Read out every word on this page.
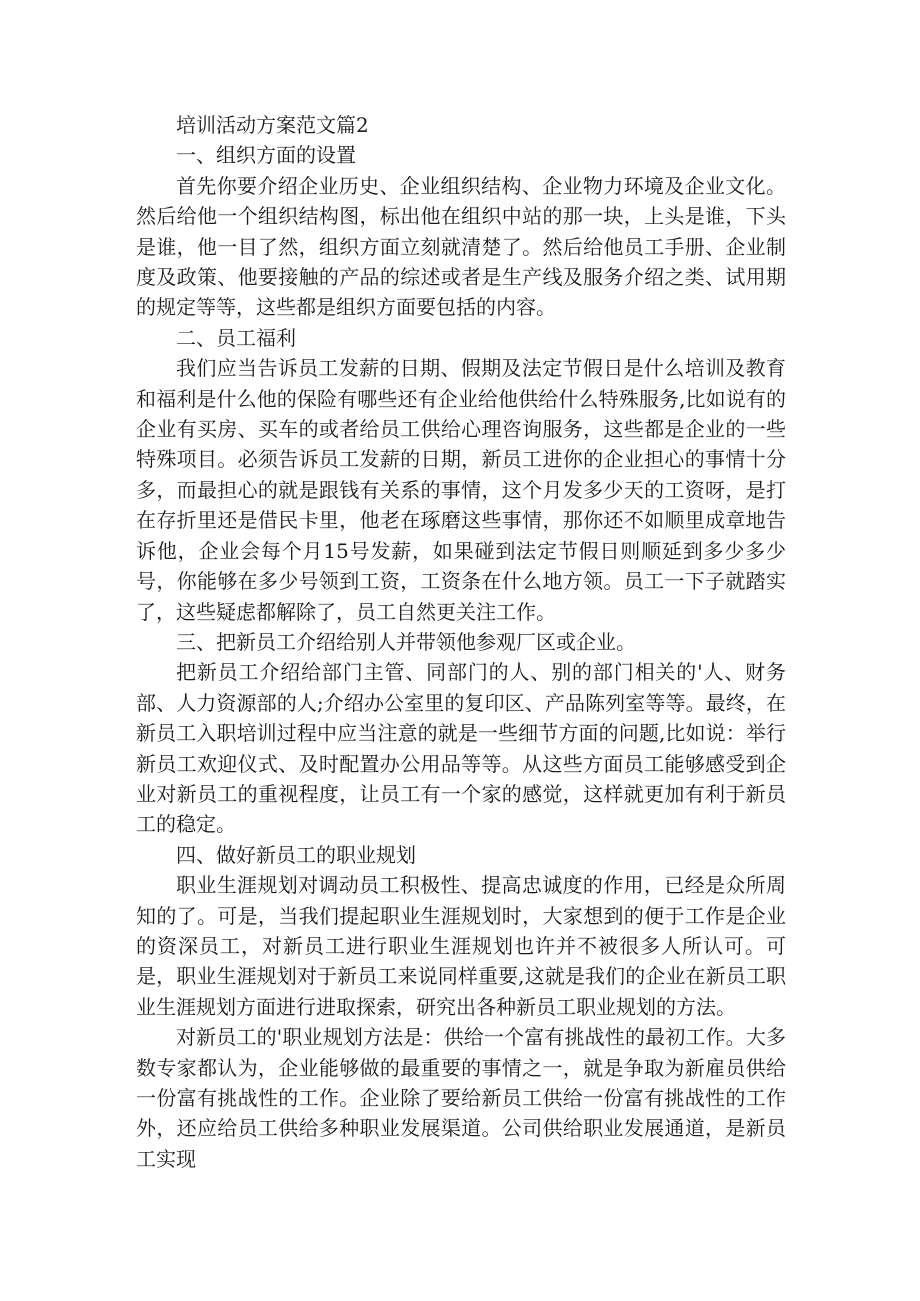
培训活动方案范文篇2

一、组织方面的设置

首先你要介绍企业历史、企业组织结构、企业物力环境及企业文化。然后给他一个组织结构图，标出他在组织中站的那一块，上头是谁，下头是谁，他一目了然，组织方面立刻就清楚了。然后给他员工手册、企业制度及政策、他要接触的产品的综述或者是生产线及服务介绍之类、试用期的规定等等，这些都是组织方面要包括的内容。

二、员工福利

我们应当告诉员工发薪的日期、假期及法定节假日是什么培训及教育和福利是什么他的保险有哪些还有企业给他供给什么特殊服务,比如说有的企业有买房、买车的或者给员工供给心理咨询服务，这些都是企业的一些特殊项目。必须告诉员工发薪的日期，新员工进你的企业担心的事情十分多，而最担心的就是跟钱有关系的事情，这个月发多少天的工资呀，是打在存折里还是借民卡里，他老在琢磨这些事情，那你还不如顺里成章地告诉他，企业会每个月15号发薪，如果碰到法定节假日则顺延到多少多少号，你能够在多少号领到工资，工资条在什么地方领。员工一下子就踏实了，这些疑虑都解除了，员工自然更关注工作。

三、把新员工介绍给别人并带领他参观厂区或企业。

把新员工介绍给部门主管、同部门的人、别的部门相关的'人、财务部、人力资源部的人;介绍办公室里的复印区、产品陈列室等等。最终，在新员工入职培训过程中应当注意的就是一些细节方面的问题,比如说：举行新员工欢迎仪式、及时配置办公用品等等。从这些方面员工能够感受到企业对新员工的重视程度，让员工有一个家的感觉，这样就更加有利于新员工的稳定。

四、做好新员工的职业规划

职业生涯规划对调动员工积极性、提高忠诚度的作用，已经是众所周知的了。可是，当我们提起职业生涯规划时，大家想到的便于工作是企业的资深员工，对新员工进行职业生涯规划也许并不被很多人所认可。可是，职业生涯规划对于新员工来说同样重要,这就是我们的企业在新员工职业生涯规划方面进行进取探索，研究出各种新员工职业规划的方法。

对新员工的'职业规划方法是：供给一个富有挑战性的最初工作。大多数专家都认为，企业能够做的最重要的事情之一，就是争取为新雇员供给一份富有挑战性的工作。企业除了要给新员工供给一份富有挑战性的工作外，还应给员工供给多种职业发展渠道。公司供给职业发展通道，是新员工实现
